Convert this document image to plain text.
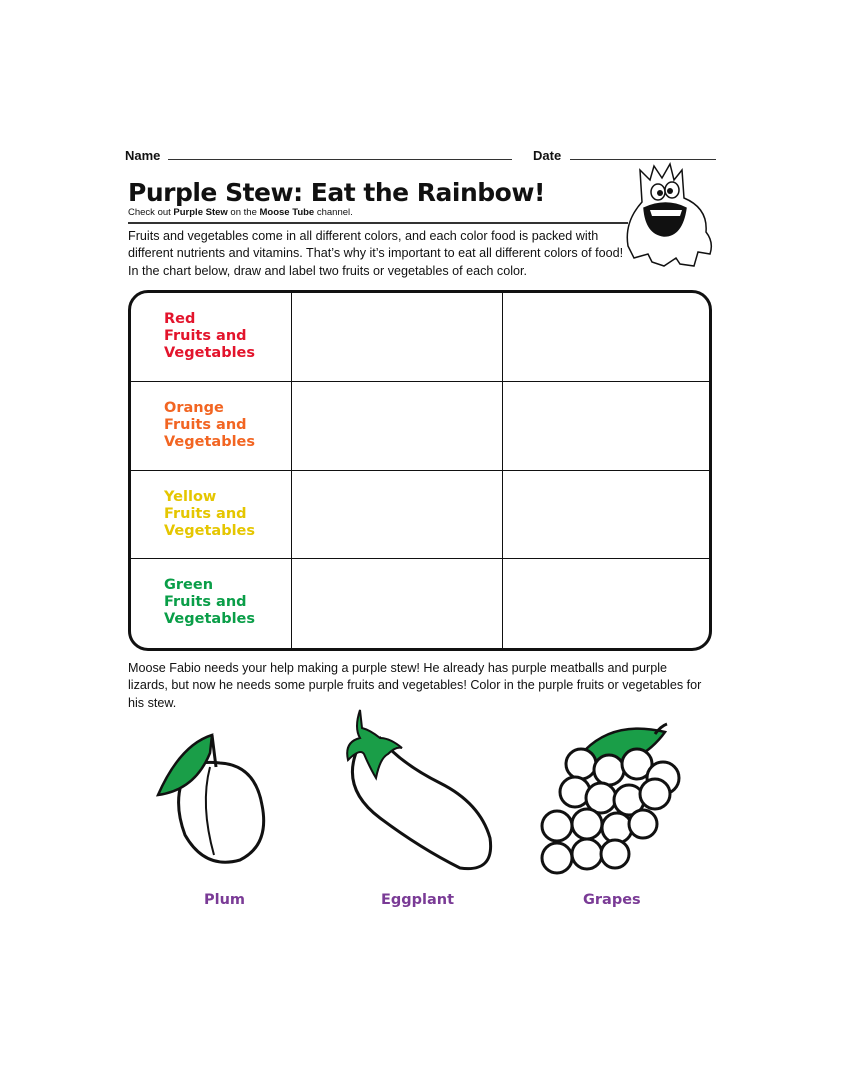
Name	Date
Purple Stew: Eat the Rainbow!
Check out Purple Stew on the Moose Tube channel.
Fruits and vegetables come in all different colors, and each color food is packed with different nutrients and vitamins. That’s why it’s important to eat all different colors of food! In the chart below, draw and label two fruits or vegetables of each color.
Red
Fruits and
Vegetables
Orange
Fruits and
Vegetables
Yellow
Fruits and
Vegetables
Green
Fruits and
Vegetables
Moose Fabio needs your help making a purple stew! He already has purple meatballs and purple lizards, but now he needs some purple fruits and vegetables! Color in the purple fruits or vegetables for his stew.
Plum	Eggplant	Grapes
